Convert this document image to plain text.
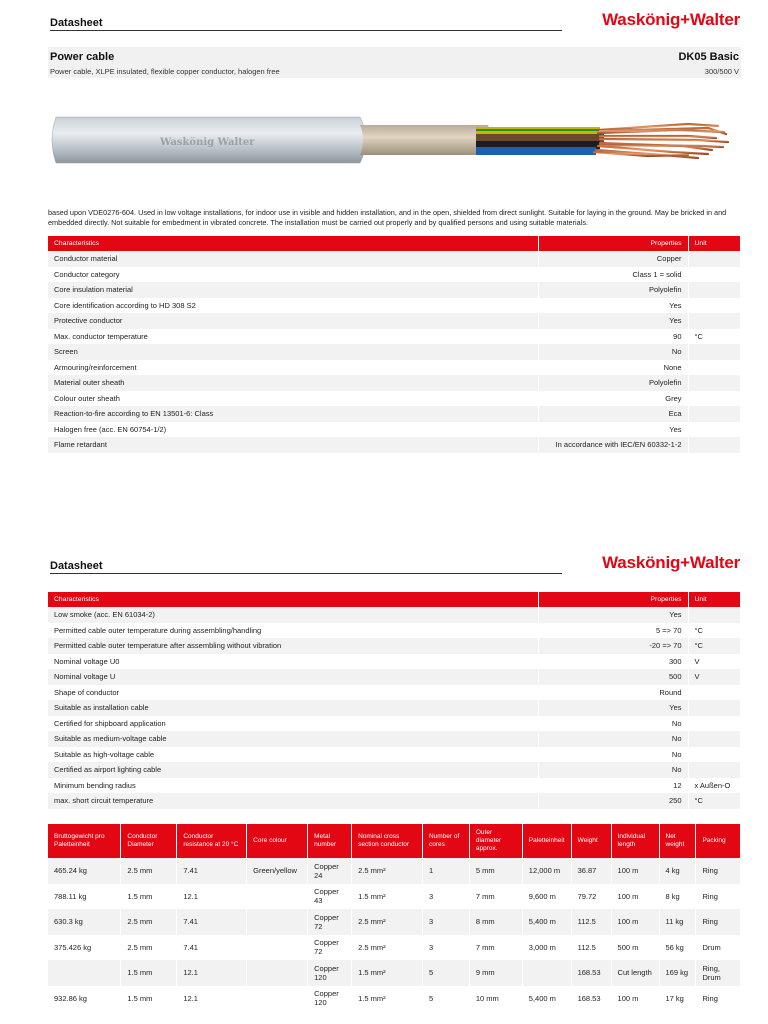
Datasheet	Waskönig+Walter
Power cable
Power cable, XLPE insulated, flexible copper conductor, halogen free
DK05 Basic
300/500 V
Waskönig Walter
based upon VDE0276-604. Used in low voltage installations, for indoor use in visible and hidden installation, and in the open, shielded from direct sunlight. Suitable for laying in the ground. May be bricked in and embedded directly. Not suitable for embedment in vibrated concrete. The installation must be carried out properly and by qualified persons and using suitable materials.
Characteristics	Properties	Unit
Conductor material	Copper	
Conductor category	Class 1 = solid	
Core insulation material	Polyolefin	
Core identification according to HD 308 S2	Yes	
Protective conductor	Yes	
Max. conductor temperature	90	°C
Screen	No	
Armouring/reinforcement	None	
Material outer sheath	Polyolefin	
Colour outer sheath	Grey	
Reaction-to-fire according to EN 13501-6: Class	Eca	
Halogen free (acc. EN 60754-1/2)	Yes	
Flame retardant	In accordance with IEC/EN 60332-1-2	
Datasheet	Waskönig+Walter
Characteristics	Properties	Unit
Low smoke (acc. EN 61034-2)	Yes	
Permitted cable outer temperature during assembling/handling	5 => 70	°C
Permitted cable outer temperature after assembling without vibration	-20 => 70	°C
Nominal voltage U0	300	V
Nominal voltage U	500	V
Shape of conductor	Round	
Suitable as installation cable	Yes	
Certified for shipboard application	No	
Suitable as medium-voltage cable	No	
Suitable as high-voltage cable	No	
Certified as airport lighting cable	No	
Minimum bending radius	12	x Außen-O
max. short circuit temperature	250	°C
Bruttogewicht pro Paletteinheit	Conductor Diameter	Conductor resistance at 20 °C	Core colour	Metal number	Nominal cross section conductor	Number of cores	Outer diameter approx.	Paletteinheit	Weight	Individual length	Net weight	Packing
465.24 kg	2.5 mm	7.41	Green/yellow	Copper 24	2.5 mm²	1	5 mm	12,000 m	36.87	100 m	4 kg	Ring
788.11 kg	1.5 mm	12.1		Copper 43	1.5 mm²	3	7 mm	9,600 m	79.72	100 m	8 kg	Ring
630.3 kg	2.5 mm	7.41		Copper 72	2.5 mm²	3	8 mm	5,400 m	112.5	100 m	11 kg	Ring
375.426 kg	2.5 mm	7.41		Copper 72	2.5 mm²	3	7 mm	3,000 m	112.5	500 m	56 kg	Drum
	1.5 mm	12.1		Copper 120	1.5 mm²	5	9 mm		168.53	Cut length	169 kg	Ring, Drum
932.86 kg	1.5 mm	12.1		Copper 120	1.5 mm²	5	10 mm	5,400 m	168.53	100 m	17 kg	Ring
